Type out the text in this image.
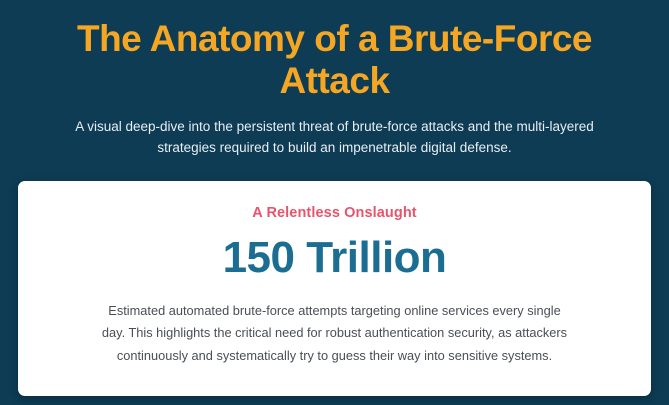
The Anatomy of a Brute-Force Attack

A visual deep-dive into the persistent threat of brute-force attacks and the multi-layered strategies required to build an impenetrable digital defense.

A Relentless Onslaught

150 Trillion

Estimated automated brute-force attempts targeting online services every single day. This highlights the critical need for robust authentication security, as attackers continuously and systematically try to guess their way into sensitive systems.
